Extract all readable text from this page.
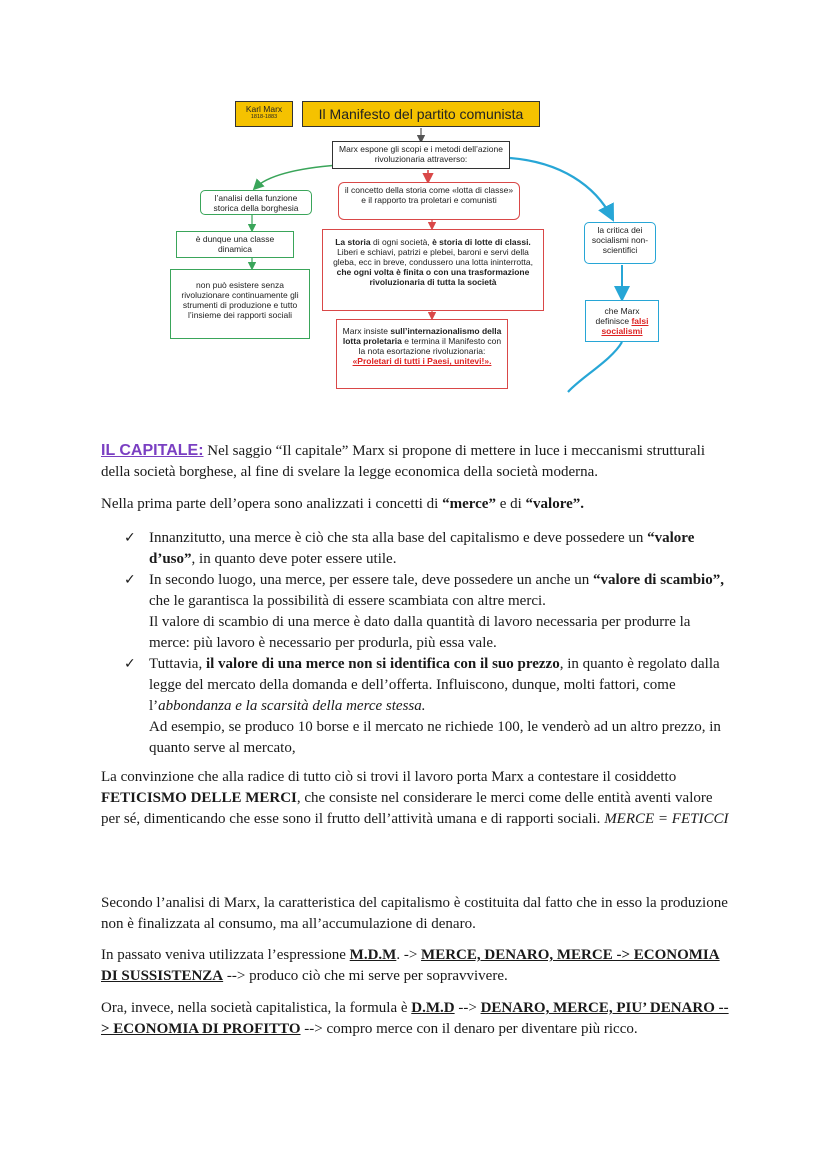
Karl Marx
1818-1883	Il Manifesto del partito comunista
Marx espone gli scopi e i metodi dell’azione rivoluzionaria attraverso:
l’analisi della funzione storica della borghesia
è dunque una classe dinamica
non può esistere senza rivoluzionare continuamente gli strumenti di produzione e tutto l’insieme dei rapporti sociali
il concetto della storia come «lotta di classe» e il rapporto tra proletari e comunisti
La storia di ogni società, è storia di lotte di classi. Liberi e schiavi, patrizi e plebei, baroni e servi della gleba, ecc in breve, condussero una lotta ininterrotta, che ogni volta è finita o con una trasformazione rivoluzionaria di tutta la società
Marx insiste sull’internazionalismo della lotta proletaria e termina il Manifesto con la nota esortazione rivoluzionaria: «Proletari di tutti i Paesi, unitevi!».
la critica dei socialismi non-scientifici
che Marx definisce falsi socialismi

IL CAPITALE: Nel saggio “Il capitale” Marx si propone di mettere in luce i meccanismi strutturali della società borghese, al fine di svelare la legge economica della società moderna.

Nella prima parte dell’opera sono analizzati i concetti di “merce” e di “valore”.

✓ Innanzitutto, una merce è ciò che sta alla base del capitalismo e deve possedere un “valore d’uso”, in quanto deve poter essere utile.
✓ In secondo luogo, una merce, per essere tale, deve possedere un anche un “valore di scambio”, che le garantisca la possibilità di essere scambiata con altre merci.
Il valore di scambio di una merce è dato dalla quantità di lavoro necessaria per produrre la merce: più lavoro è necessario per produrla, più essa vale.
✓ Tuttavia, il valore di una merce non si identifica con il suo prezzo, in quanto è regolato dalla legge del mercato della domanda e dell’offerta. Influiscono, dunque, molti fattori, come l’abbondanza e la scarsità della merce stessa.
Ad esempio, se produco 10 borse e il mercato ne richiede 100, le venderò ad un altro prezzo, in quanto serve al mercato,

La convinzione che alla radice di tutto ciò si trovi il lavoro porta Marx a contestare il cosiddetto FETICISMO DELLE MERCI, che consiste nel considerare le merci come delle entità aventi valore per sé, dimenticando che esse sono il frutto dell’attività umana e di rapporti sociali. MERCE = FETICCI

Secondo l’analisi di Marx, la caratteristica del capitalismo è costituita dal fatto che in esso la produzione non è finalizzata al consumo, ma all’accumulazione di denaro.

In passato veniva utilizzata l’espressione M.D.M. -> MERCE, DENARO, MERCE -> ECONOMIA DI SUSSISTENZA --> produco ciò che mi serve per sopravvivere.

Ora, invece, nella società capitalistica, la formula è D.M.D --> DENARO, MERCE, PIU’ DENARO --> ECONOMIA DI PROFITTO --> compro merce con il denaro per diventare più ricco.
